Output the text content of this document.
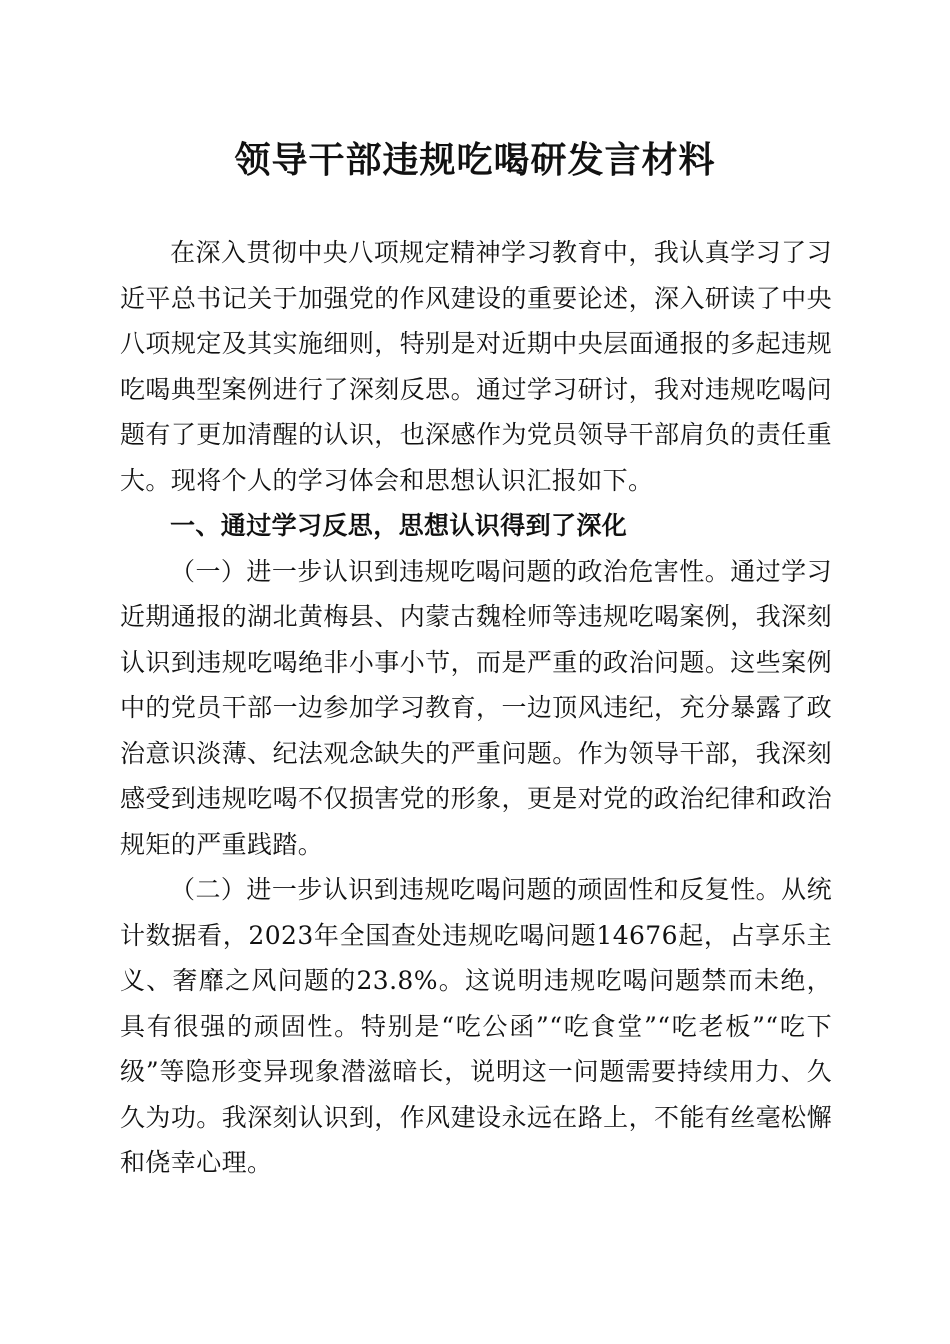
领导干部违规吃喝研发言材料

在深入贯彻中央八项规定精神学习教育中，我认真学习了习近平总书记关于加强党的作风建设的重要论述，深入研读了中央八项规定及其实施细则，特别是对近期中央层面通报的多起违规吃喝典型案例进行了深刻反思。通过学习研讨，我对违规吃喝问题有了更加清醒的认识，也深感作为党员领导干部肩负的责任重大。现将个人的学习体会和思想认识汇报如下。

一、通过学习反思，思想认识得到了深化

（一）进一步认识到违规吃喝问题的政治危害性。通过学习近期通报的湖北黄梅县、内蒙古魏栓师等违规吃喝案例，我深刻认识到违规吃喝绝非小事小节，而是严重的政治问题。这些案例中的党员干部一边参加学习教育，一边顶风违纪，充分暴露了政治意识淡薄、纪法观念缺失的严重问题。作为领导干部，我深刻感受到违规吃喝不仅损害党的形象，更是对党的政治纪律和政治规矩的严重践踏。

（二）进一步认识到违规吃喝问题的顽固性和反复性。从统计数据看，2023年全国查处违规吃喝问题14676起，占享乐主义、奢靡之风问题的23.8%。这说明违规吃喝问题禁而未绝，具有很强的顽固性。特别是“吃公函”“吃食堂”“吃老板”“吃下级”等隐形变异现象潜滋暗长，说明这一问题需要持续用力、久久为功。我深刻认识到，作风建设永远在路上，不能有丝毫松懈和侥幸心理。
